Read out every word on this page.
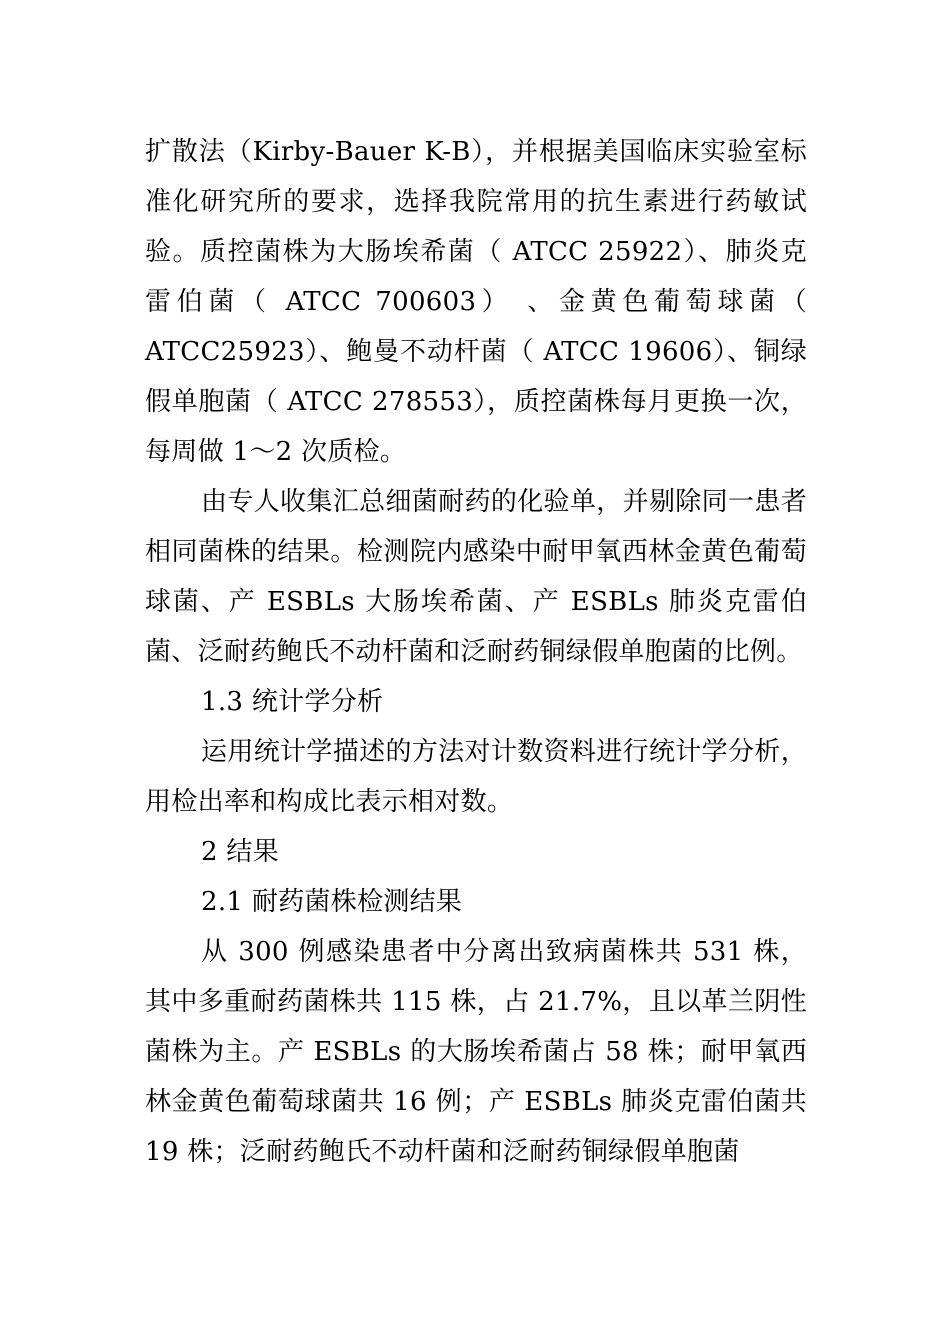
扩散法（Kirby-Bauer K-B），并根据美国临床实验室标准化研究所的要求，选择我院常用的抗生素进行药敏试验。质控菌株为大肠埃希菌（ ATCC 25922）、肺炎克雷伯菌（ ATCC 700603） 、金黄色葡萄球菌（ ATCC25923）、鲍曼不动杆菌（ ATCC 19606）、铜绿假单胞菌（ ATCC 278553），质控菌株每月更换一次，每周做 1～2 次质检。

由专人收集汇总细菌耐药的化验单，并剔除同一患者相同菌株的结果。检测院内感染中耐甲氧西林金黄色葡萄球菌、产 ESBLs 大肠埃希菌、产 ESBLs 肺炎克雷伯菌、泛耐药鲍氏不动杆菌和泛耐药铜绿假单胞菌的比例。

1.3 统计学分析

运用统计学描述的方法对计数资料进行统计学分析，用检出率和构成比表示相对数。

2 结果

2.1 耐药菌株检测结果

从 300 例感染患者中分离出致病菌株共 531 株，其中多重耐药菌株共 115 株，占 21.7%，且以革兰阴性菌株为主。产 ESBLs 的大肠埃希菌占 58 株；耐甲氧西林金黄色葡萄球菌共 16 例；产 ESBLs 肺炎克雷伯菌共 19 株；泛耐药鲍氏不动杆菌和泛耐药铜绿假单胞菌
